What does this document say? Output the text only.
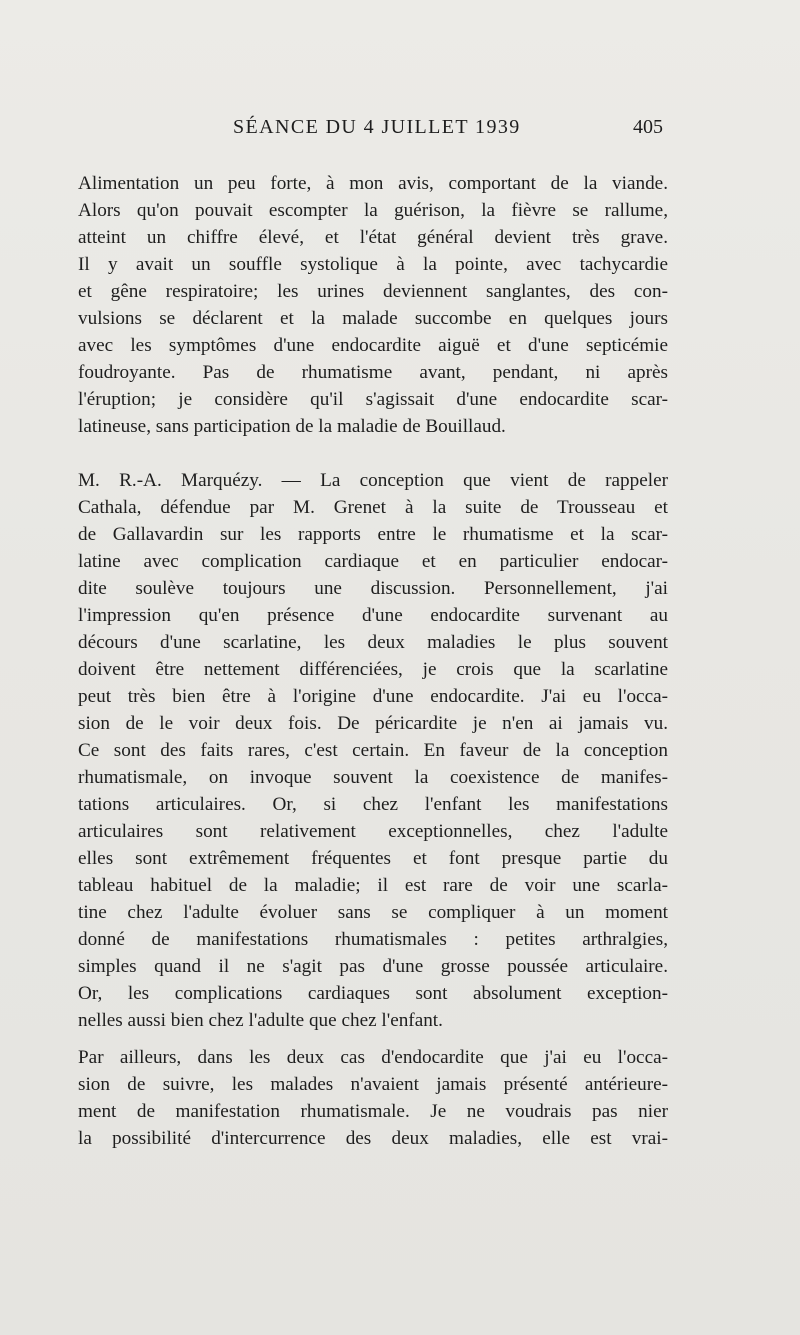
SÉANCE DU 4 JUILLET 1939	405
Alimentation un peu forte, à mon avis, comportant de la viande.
Alors qu'on pouvait escompter la guérison, la fièvre se rallume,
atteint un chiffre élevé, et l'état général devient très grave.
Il y avait un souffle systolique à la pointe, avec tachycardie
et gêne respiratoire; les urines deviennent sanglantes, des con-
vulsions se déclarent et la malade succombe en quelques jours
avec les symptômes d'une endocardite aiguë et d'une septicémie
foudroyante. Pas de rhumatisme avant, pendant, ni après
l'éruption; je considère qu'il s'agissait d'une endocardite scar-
latineuse, sans participation de la maladie de Bouillaud.
M. R.-A. Marquézy. — La conception que vient de rappeler
Cathala, défendue par M. Grenet à la suite de Trousseau et
de Gallavardin sur les rapports entre le rhumatisme et la scar-
latine avec complication cardiaque et en particulier endocar-
dite soulève toujours une discussion. Personnellement, j'ai
l'impression qu'en présence d'une endocardite survenant au
décours d'une scarlatine, les deux maladies le plus souvent
doivent être nettement différenciées, je crois que la scarlatine
peut très bien être à l'origine d'une endocardite. J'ai eu l'occa-
sion de le voir deux fois. De péricardite je n'en ai jamais vu.
Ce sont des faits rares, c'est certain. En faveur de la conception
rhumatismale, on invoque souvent la coexistence de manifes-
tations articulaires. Or, si chez l'enfant les manifestations
articulaires sont relativement exceptionnelles, chez l'adulte
elles sont extrêmement fréquentes et font presque partie du
tableau habituel de la maladie; il est rare de voir une scarla-
tine chez l'adulte évoluer sans se compliquer à un moment
donné de manifestations rhumatismales : petites arthralgies,
simples quand il ne s'agit pas d'une grosse poussée articulaire.
Or, les complications cardiaques sont absolument exception-
nelles aussi bien chez l'adulte que chez l'enfant.
Par ailleurs, dans les deux cas d'endocardite que j'ai eu l'occa-
sion de suivre, les malades n'avaient jamais présenté antérieure-
ment de manifestation rhumatismale. Je ne voudrais pas nier
la possibilité d'intercurrence des deux maladies, elle est vrai-
